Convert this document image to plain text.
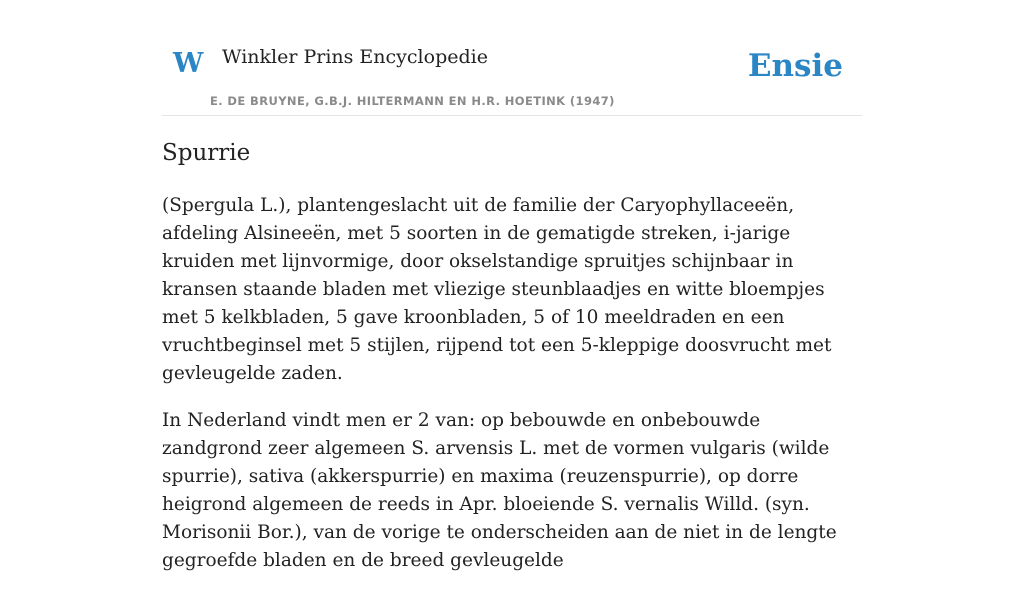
W Winkler Prins Encyclopedie
E. DE BRUYNE, G.B.J. HILTERMANN EN H.R. HOETINK (1947)
Ensie
Spurrie

(Spergula L.), plantengeslacht uit de familie der Caryophyllaceeën, afdeling Alsineeën, met 5 soorten in de gematigde streken, i-jarige kruiden met lijnvormige, door okselstandige spruitjes schijnbaar in kransen staande bladen met vliezige steunblaadjes en witte bloempjes met 5 kelkbladen, 5 gave kroonbladen, 5 of 10 meeldraden en een vruchtbeginsel met 5 stijlen, rijpend tot een 5-kleppige doosvrucht met gevleugelde zaden.

In Nederland vindt men er 2 van: op bebouwde en onbebouwde zandgrond zeer algemeen S. arvensis L. met de vormen vulgaris (wilde spurrie), sativa (akkerspurrie) en maxima (reuzenspurrie), op dorre heigrond algemeen de reeds in Apr. bloeiende S. vernalis Willd. (syn. Morisonii Bor.), van de vorige te onderscheiden aan de niet in de lengte gegroefde bladen en de breed gevleugelde
